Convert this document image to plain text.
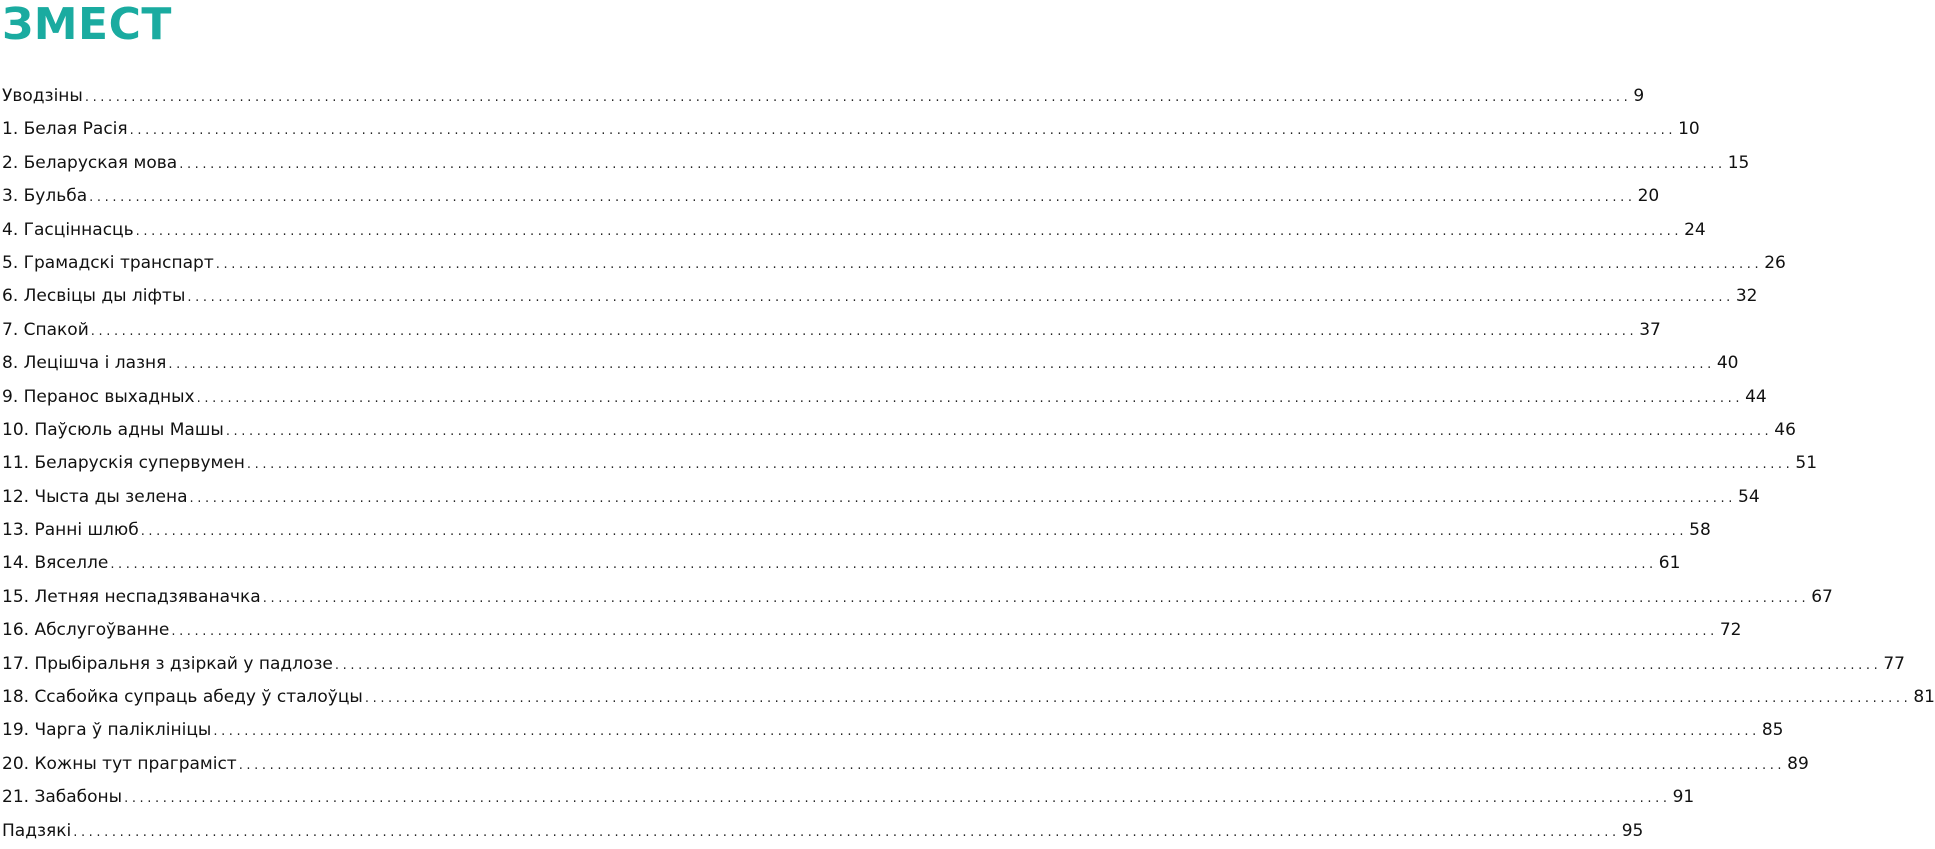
ЗМЕСТ
Уводзіны ........................................................................................................................................................................................................ 9
1. Белая Расія ........................................................................................................................................................................................................ 10
2. Беларуская мова ........................................................................................................................................................................................................ 15
3. Бульба ........................................................................................................................................................................................................ 20
4. Гасціннасць ........................................................................................................................................................................................................ 24
5. Грамадскі транспарт ........................................................................................................................................................................................................ 26
6. Лесвіцы ды ліфты ........................................................................................................................................................................................................ 32
7. Спакой ........................................................................................................................................................................................................ 37
8. Лецішча і лазня ........................................................................................................................................................................................................ 40
9. Перанос выхадных ........................................................................................................................................................................................................ 44
10. Паўсюль адны Машы ........................................................................................................................................................................................................ 46
11. Беларускія супервумен ........................................................................................................................................................................................................ 51
12. Чыста ды зелена ........................................................................................................................................................................................................ 54
13. Ранні шлюб ........................................................................................................................................................................................................ 58
14. Вяселле ........................................................................................................................................................................................................ 61
15. Летняя неспадзяваначка ........................................................................................................................................................................................................ 67
16. Абслугоўванне ........................................................................................................................................................................................................ 72
17. Прыбіральня з дзіркай у падлозе ........................................................................................................................................................................................................ 77
18. Ссабойка супраць абеду ў сталоўцы ........................................................................................................................................................................................................ 81
19. Чарга ў паліклініцы ........................................................................................................................................................................................................ 85
20. Кожны тут праграміст ........................................................................................................................................................................................................ 89
21. Забабоны ........................................................................................................................................................................................................ 91
Падзякі ........................................................................................................................................................................................................ 95
